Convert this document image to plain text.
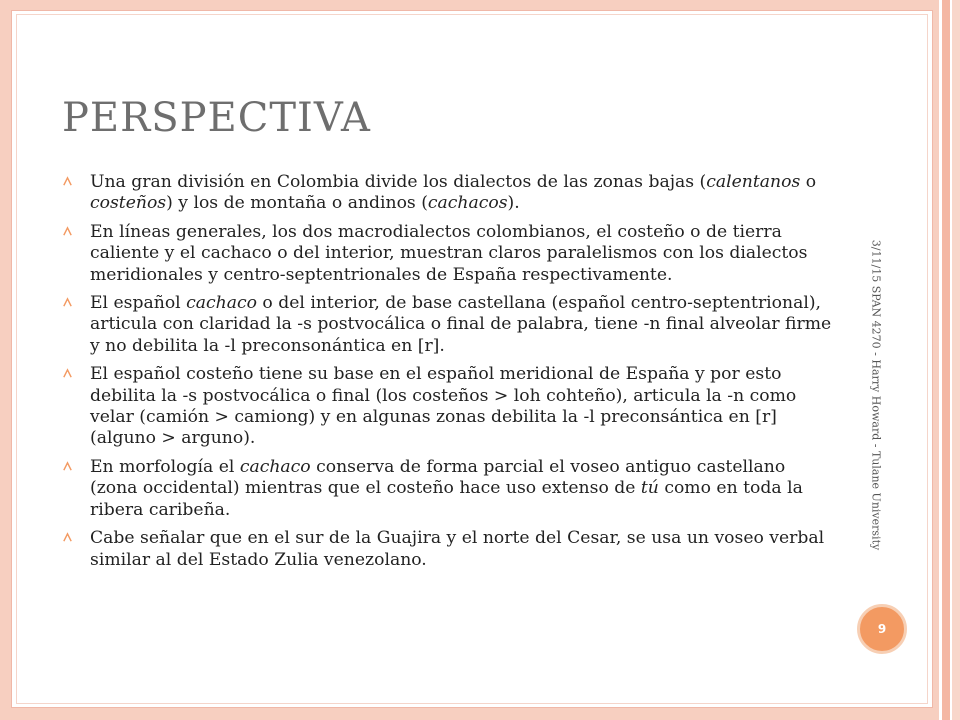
PERSPECTIVA
Una gran división en Colombia divide los dialectos de las zonas bajas (calentanos o costeños) y los de montaña o andinos (cachacos).
En líneas generales, los dos macrodialectos colombianos, el costeño o de tierra caliente y el cachaco o del interior, muestran claros paralelismos con los dialectos meridionales y centro-septentrionales de España respectivamente.
El español cachaco o del interior, de base castellana (español centro-septentrional), articula con claridad la -s postvocálica o final de palabra, tiene -n final alveolar firme y no debilita la -l preconsonántica en [r].
El español costeño tiene su base en el español meridional de España y por esto debilita la -s postvocálica o final (los costeños > loh cohteño), articula la -n como velar (camión > camiong) y en algunas zonas debilita la -l preconsántica en [r] (alguno > arguno).
En morfología el cachaco conserva de forma parcial el voseo antiguo castellano (zona occidental) mientras que el costeño hace uso extenso de tú como en toda la ribera caribeña.
Cabe señalar que en el sur de la Guajira y el norte del Cesar, se usa un voseo verbal similar al del Estado Zulia venezolano.
3/11/15 SPAN 4270 - Harry Howard - Tulane University
9
